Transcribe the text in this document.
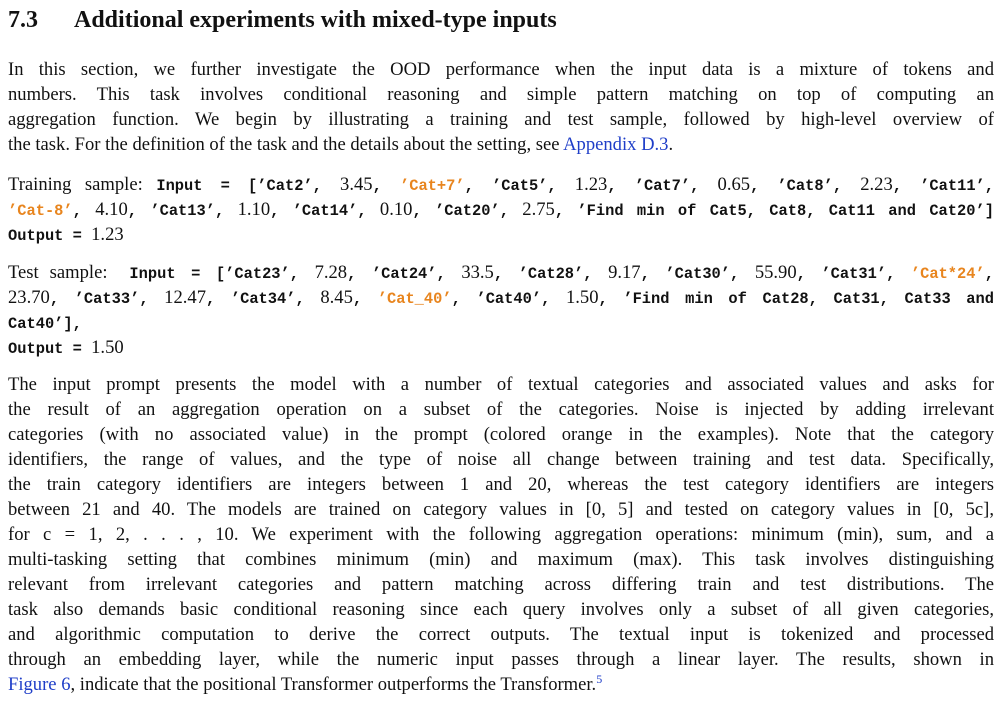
7.3 Additional experiments with mixed-type inputs
In this section, we further investigate the OOD performance when the input data is a mixture of tokens and
numbers. This task involves conditional reasoning and simple pattern matching on top of computing an
aggregation function. We begin by illustrating a training and test sample, followed by high-level overview of
the task. For the definition of the task and the details about the setting, see Appendix D.3.
Training sample: Input = [’Cat2’, 3.45, ’Cat+7’, ’Cat5’, 1.23, ’Cat7’, 0.65, ’Cat8’, 2.23, ’Cat11’,
’Cat-8’, 4.10, ’Cat13’, 1.10, ’Cat14’, 0.10, ’Cat20’, 2.75, ’Find min of Cat5, Cat8, Cat11 and Cat20’]
Output = 1.23
Test sample: Input = [’Cat23’, 7.28, ’Cat24’, 33.5, ’Cat28’, 9.17, ’Cat30’, 55.90, ’Cat31’, ’Cat*24’,
23.70, ’Cat33’, 12.47, ’Cat34’, 8.45, ’Cat_40’, ’Cat40’, 1.50, ’Find min of Cat28, Cat31, Cat33 and
Cat40’],
Output = 1.50
The input prompt presents the model with a number of textual categories and associated values and asks for
the result of an aggregation operation on a subset of the categories. Noise is injected by adding irrelevant
categories (with no associated value) in the prompt (colored orange in the examples). Note that the category
identifiers, the range of values, and the type of noise all change between training and test data. Specifically,
the train category identifiers are integers between 1 and 20, whereas the test category identifiers are integers
between 21 and 40. The models are trained on category values in [0, 5] and tested on category values in [0, 5c],
for c = 1, 2, . . . , 10. We experiment with the following aggregation operations: minimum (min), sum, and a
multi-tasking setting that combines minimum (min) and maximum (max). This task involves distinguishing
relevant from irrelevant categories and pattern matching across differing train and test distributions. The
task also demands basic conditional reasoning since each query involves only a subset of all given categories,
and algorithmic computation to derive the correct outputs. The textual input is tokenized and processed
through an embedding layer, while the numeric input passes through a linear layer. The results, shown in
Figure 6, indicate that the positional Transformer outperforms the Transformer.$^5$
